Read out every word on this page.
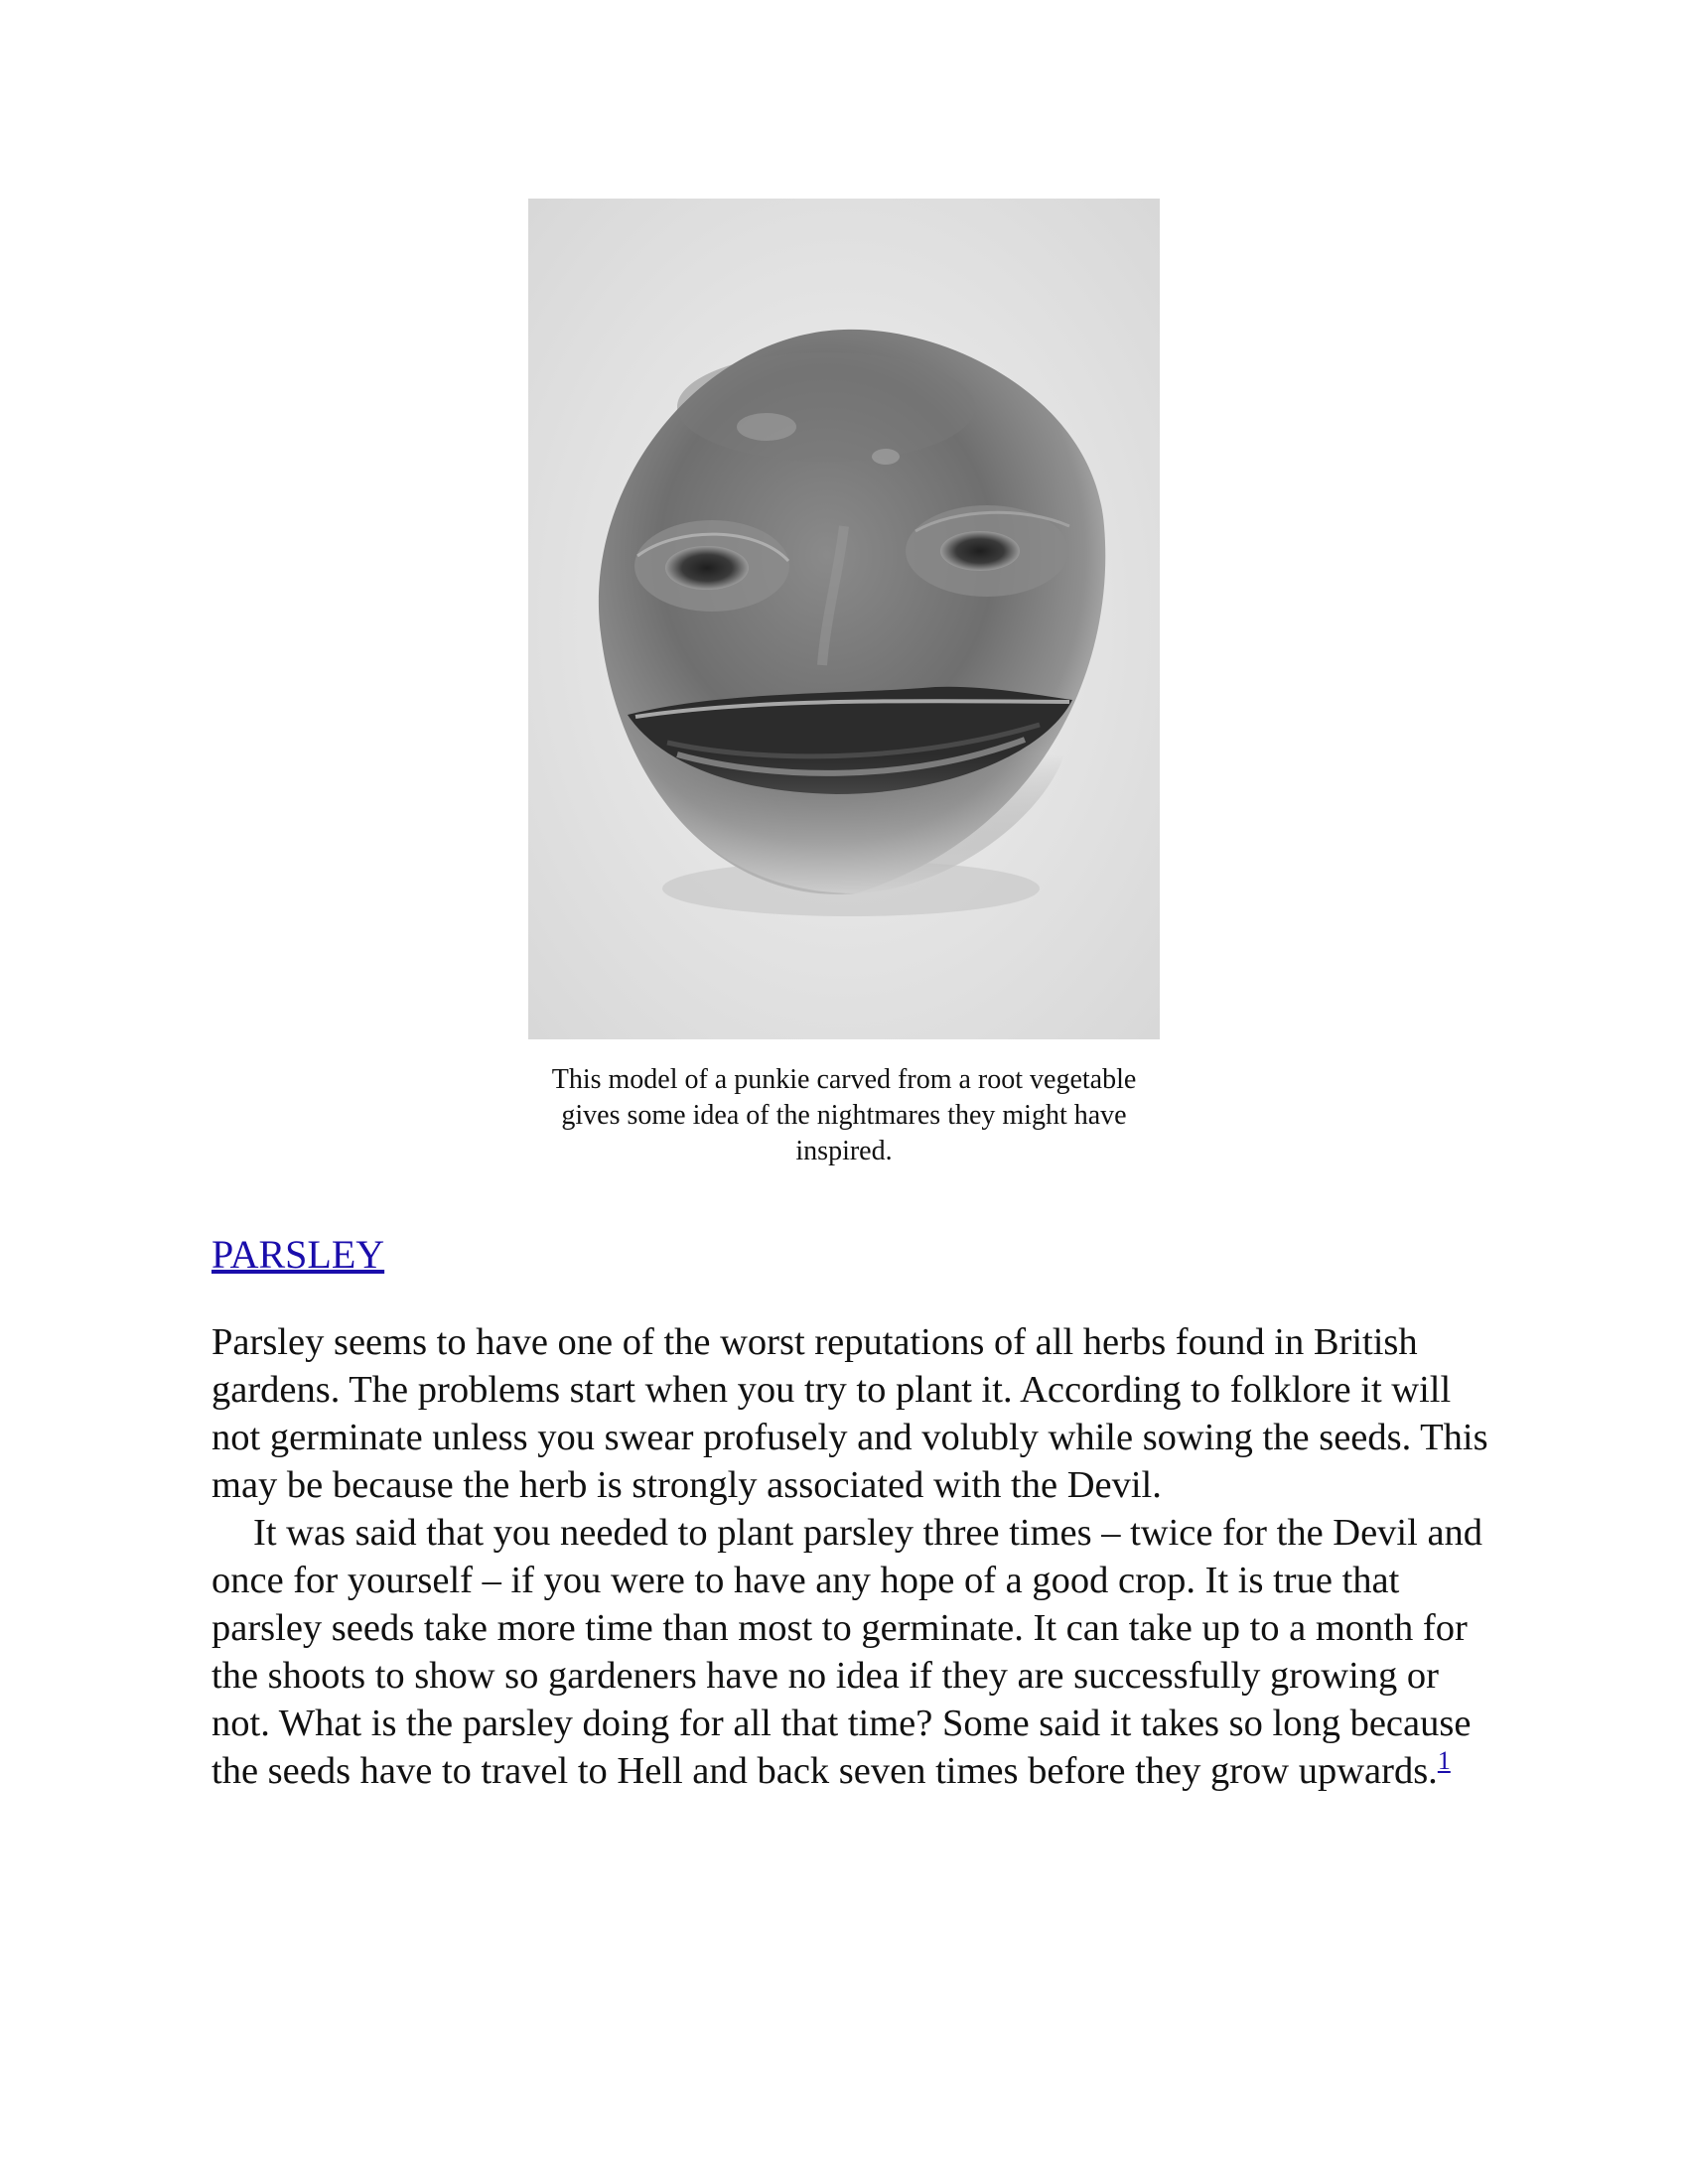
This model of a punkie carved from a root vegetable gives some idea of the nightmares they might have inspired.
PARSLEY

Parsley seems to have one of the worst reputations of all herbs found in British gardens. The problems start when you try to plant it. According to folklore it will not germinate unless you swear profusely and volubly while sowing the seeds. This may be because the herb is strongly associated with the Devil.

It was said that you needed to plant parsley three times – twice for the Devil and once for yourself – if you were to have any hope of a good crop. It is true that parsley seeds take more time than most to germinate. It can take up to a month for the shoots to show so gardeners have no idea if they are successfully growing or not. What is the parsley doing for all that time? Some said it takes so long because the seeds have to travel to Hell and back seven times before they grow upwards.$^1$
